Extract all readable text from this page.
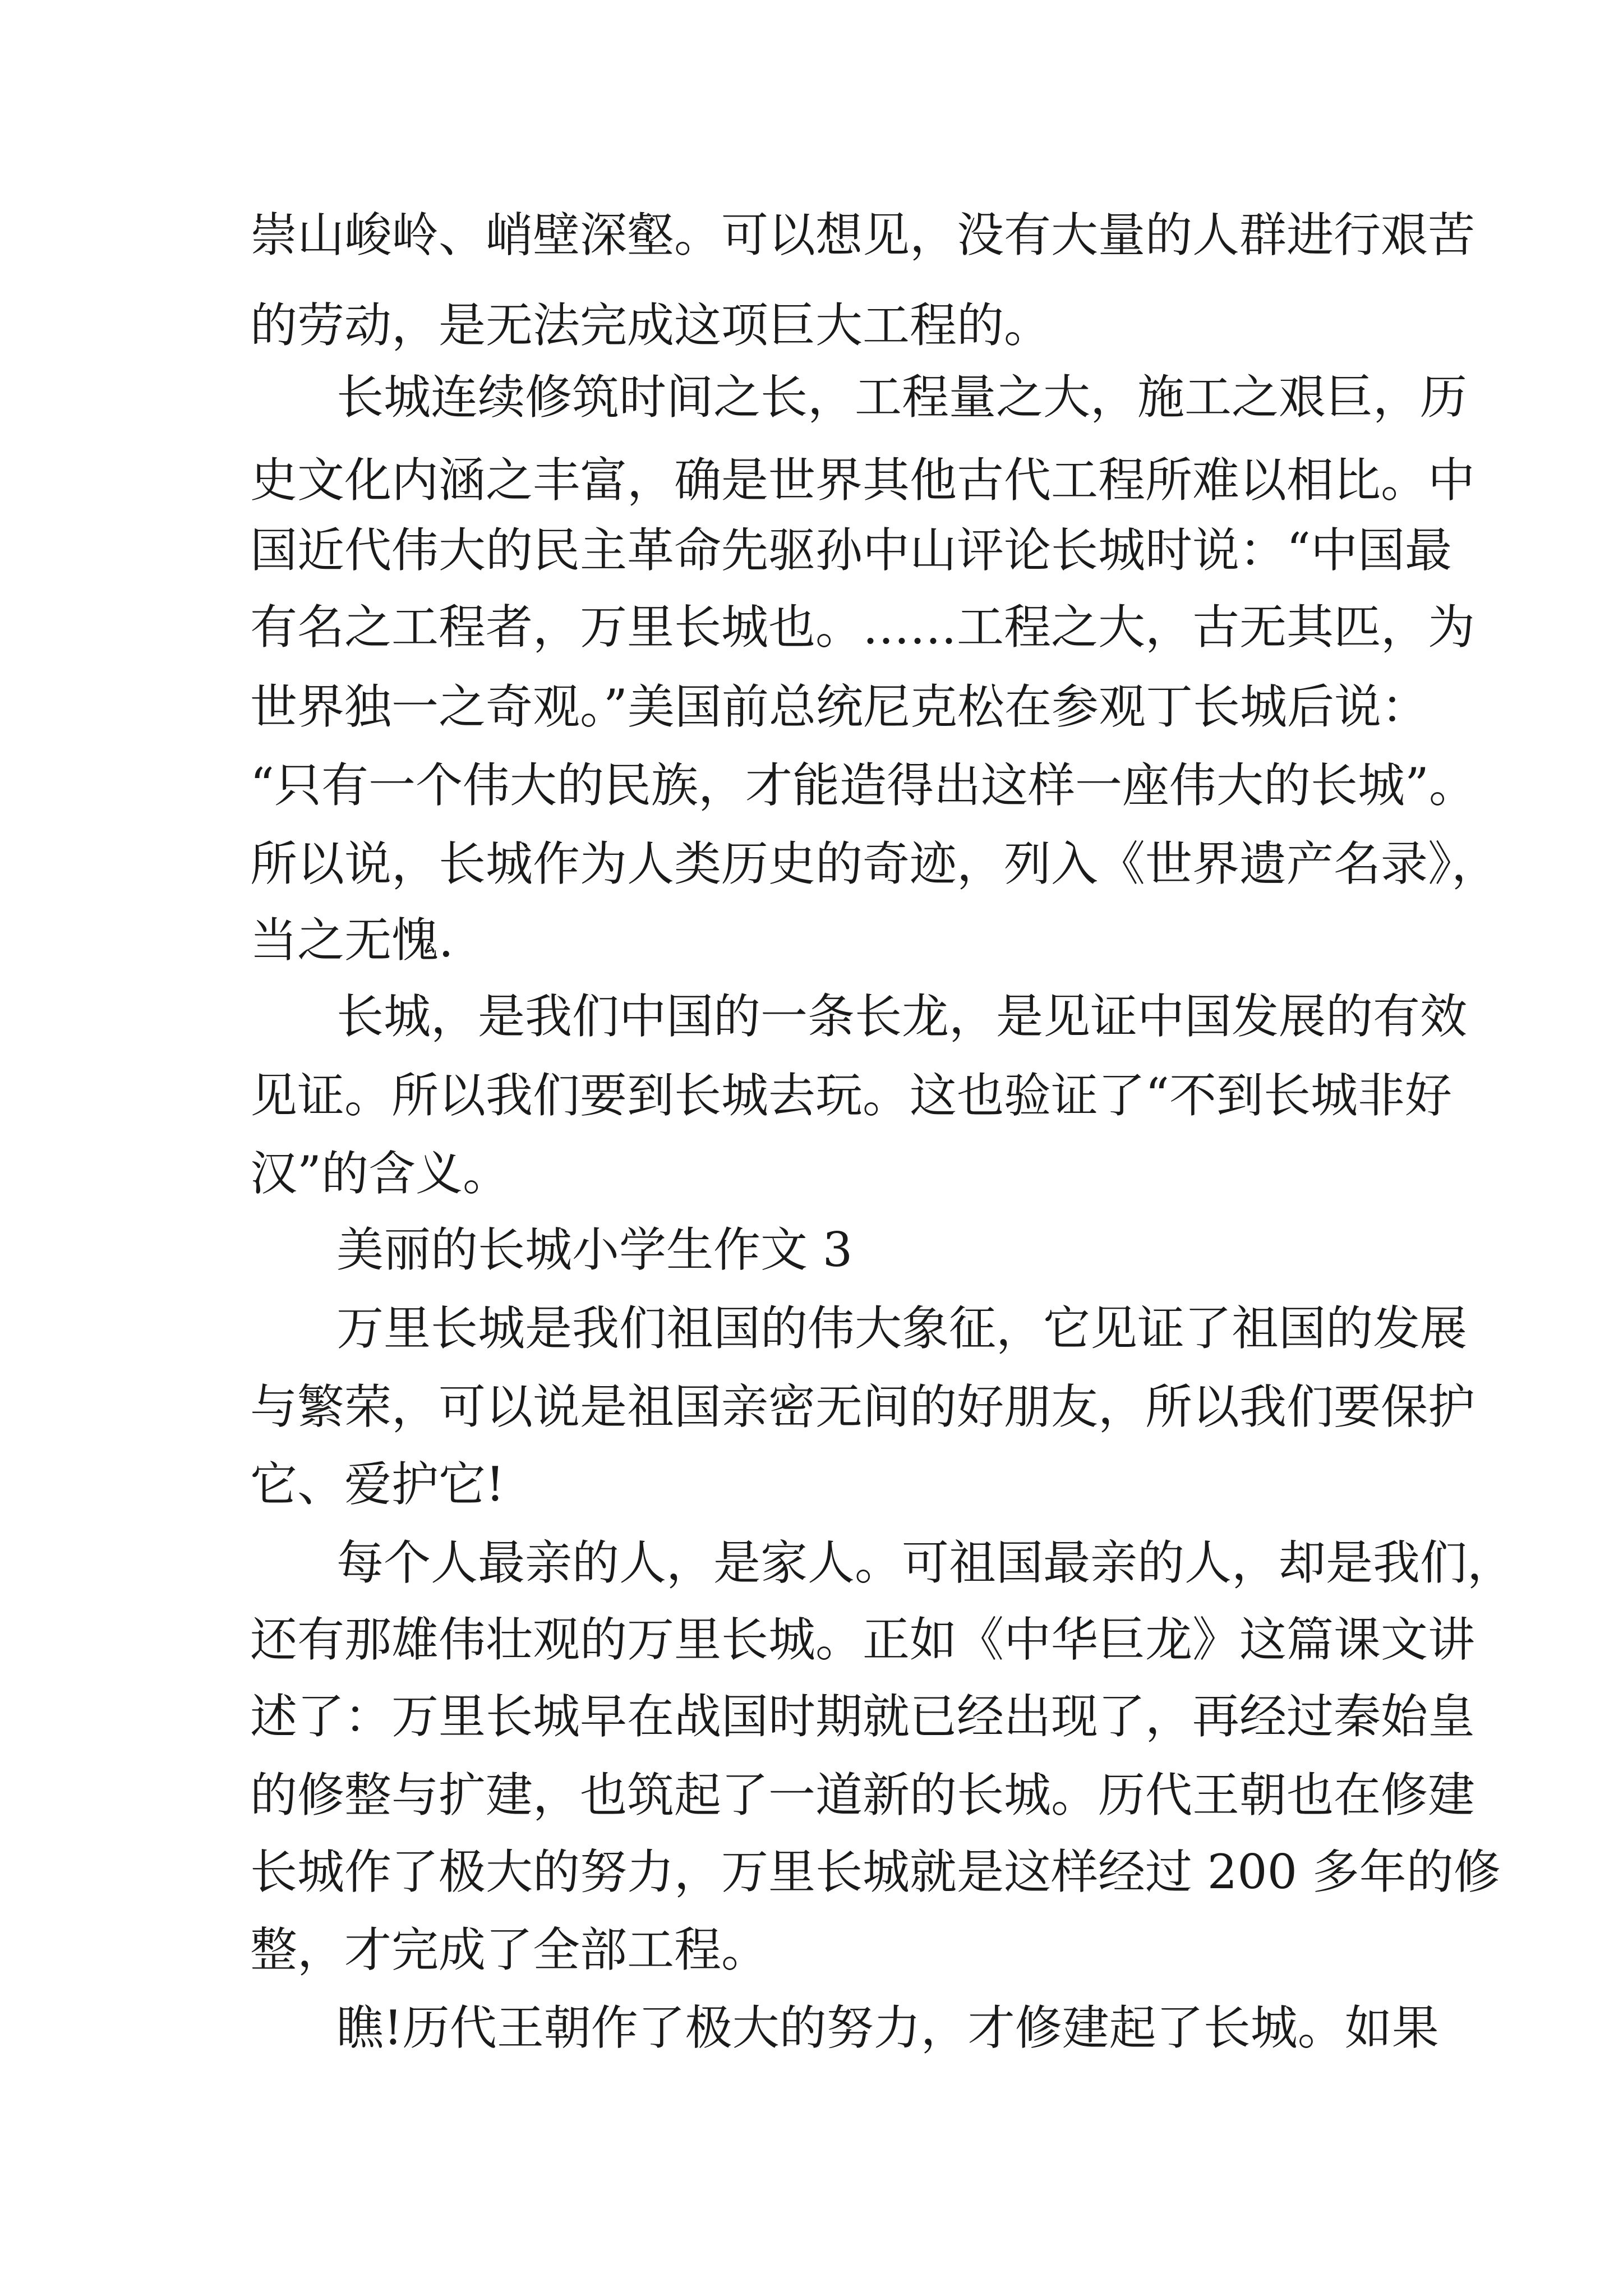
崇山峻岭、峭壁深壑。可以想见，没有大量的人群进行艰苦
的劳动，是无法完成这项巨大工程的。
长城连续修筑时间之长，工程量之大，施工之艰巨，历
史文化内涵之丰富，确是世界其他古代工程所难以相比。中
国近代伟大的民主革命先驱孙中山评论长城时说：“中国最
有名之工程者，万里长城也。……工程之大，古无其匹，为
世界独一之奇观。”美国前总统尼克松在参观丁长城后说：
“只有一个伟大的民族，才能造得出这样一座伟大的长城”。
所以说，长城作为人类历史的奇迹，列入《世界遗产名录》，
当之无愧.
长城，是我们中国的一条长龙，是见证中国发展的有效
见证。所以我们要到长城去玩。这也验证了“不到长城非好
汉”的含义。
美丽的长城小学生作文 3
万里长城是我们祖国的伟大象征，它见证了祖国的发展
与繁荣，可以说是祖国亲密无间的好朋友，所以我们要保护
它、爱护它!
每个人最亲的人，是家人。可祖国最亲的人，却是我们，
还有那雄伟壮观的万里长城。正如《中华巨龙》这篇课文讲
述了：万里长城早在战国时期就已经出现了，再经过秦始皇
的修整与扩建，也筑起了一道新的长城。历代王朝也在修建
长城作了极大的努力，万里长城就是这样经过 200 多年的修
整，才完成了全部工程。
瞧!历代王朝作了极大的努力，才修建起了长城。如果
